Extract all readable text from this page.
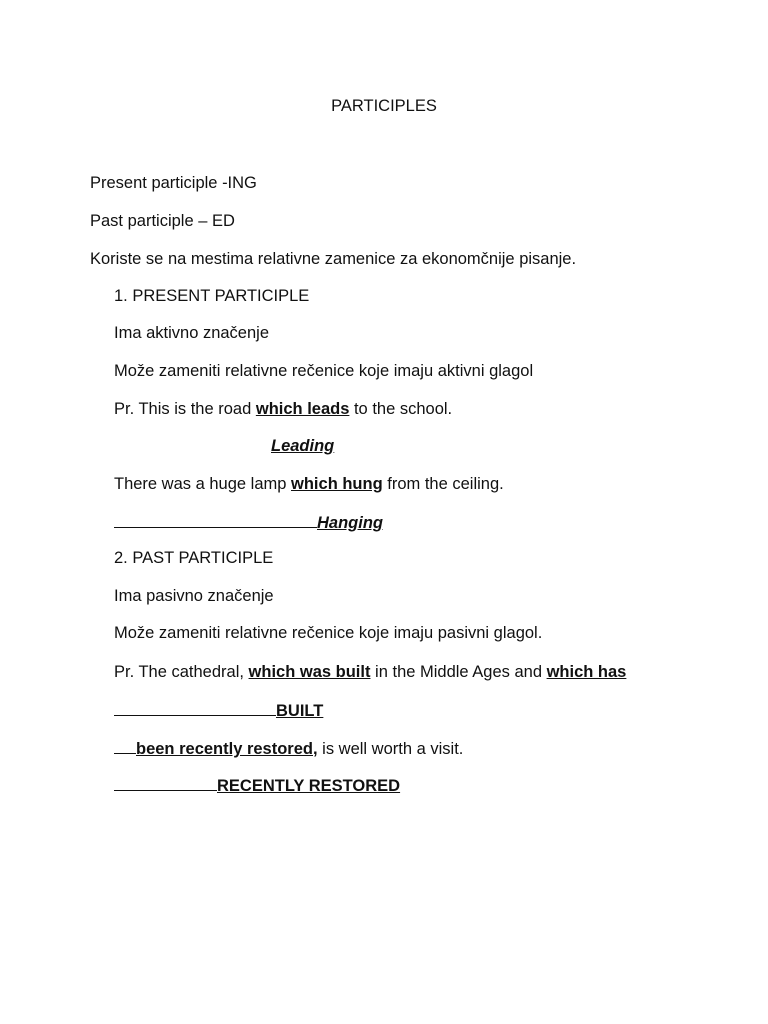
PARTICIPLES
Present participle -ING
Past participle – ED
Koriste se na mestima relativne zamenice za ekonomčnije pisanje.
1. PRESENT PARTICIPLE
Ima aktivno značenje
Može zameniti relativne rečenice koje imaju aktivni glagol
Pr. This is the road which leads to the school.
Leading
There was a huge lamp which hung from the ceiling.
Hanging
2. PAST PARTICIPLE
Ima pasivno značenje
Može zameniti relativne rečenice koje imaju pasivni glagol.
Pr. The cathedral, which was built in the Middle Ages and which has
BUILT
been recently restored, is well worth a visit.
RECENTLY RESTORED
